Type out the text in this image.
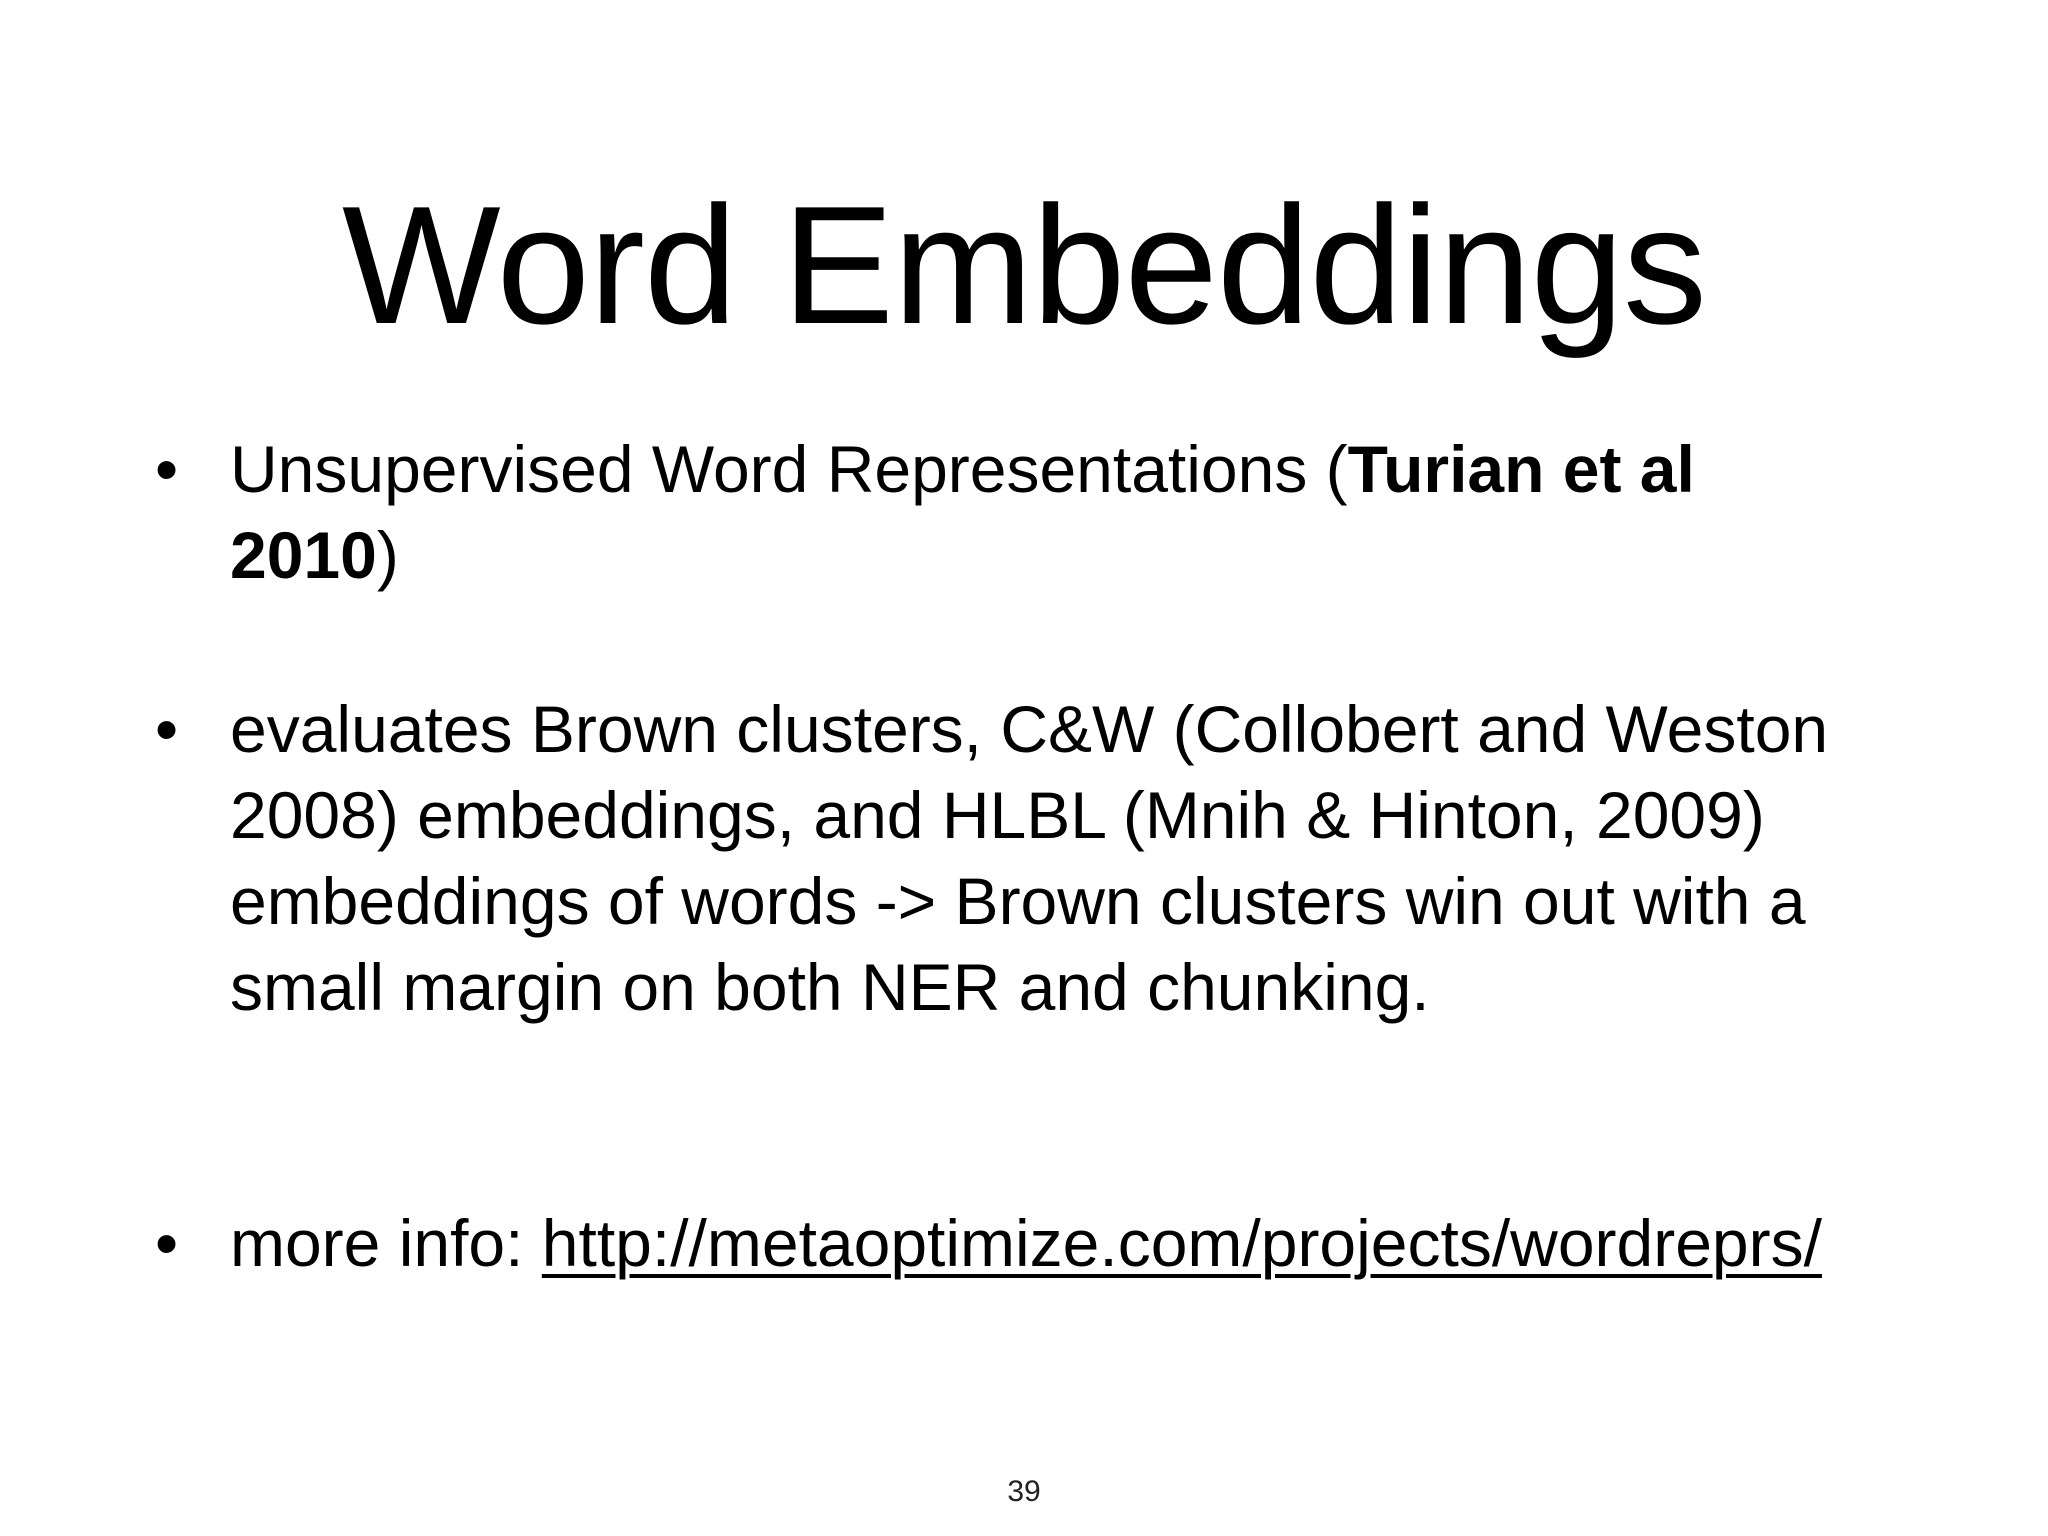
Word Embeddings
• Unsupervised Word Representations (Turian et al 2010)
• evaluates Brown clusters, C&W (Collobert and Weston 2008) embeddings, and HLBL (Mnih & Hinton, 2009) embeddings of words -> Brown clusters win out with a small margin on both NER and chunking.
• more info: http://metaoptimize.com/projects/wordreprs/
39
